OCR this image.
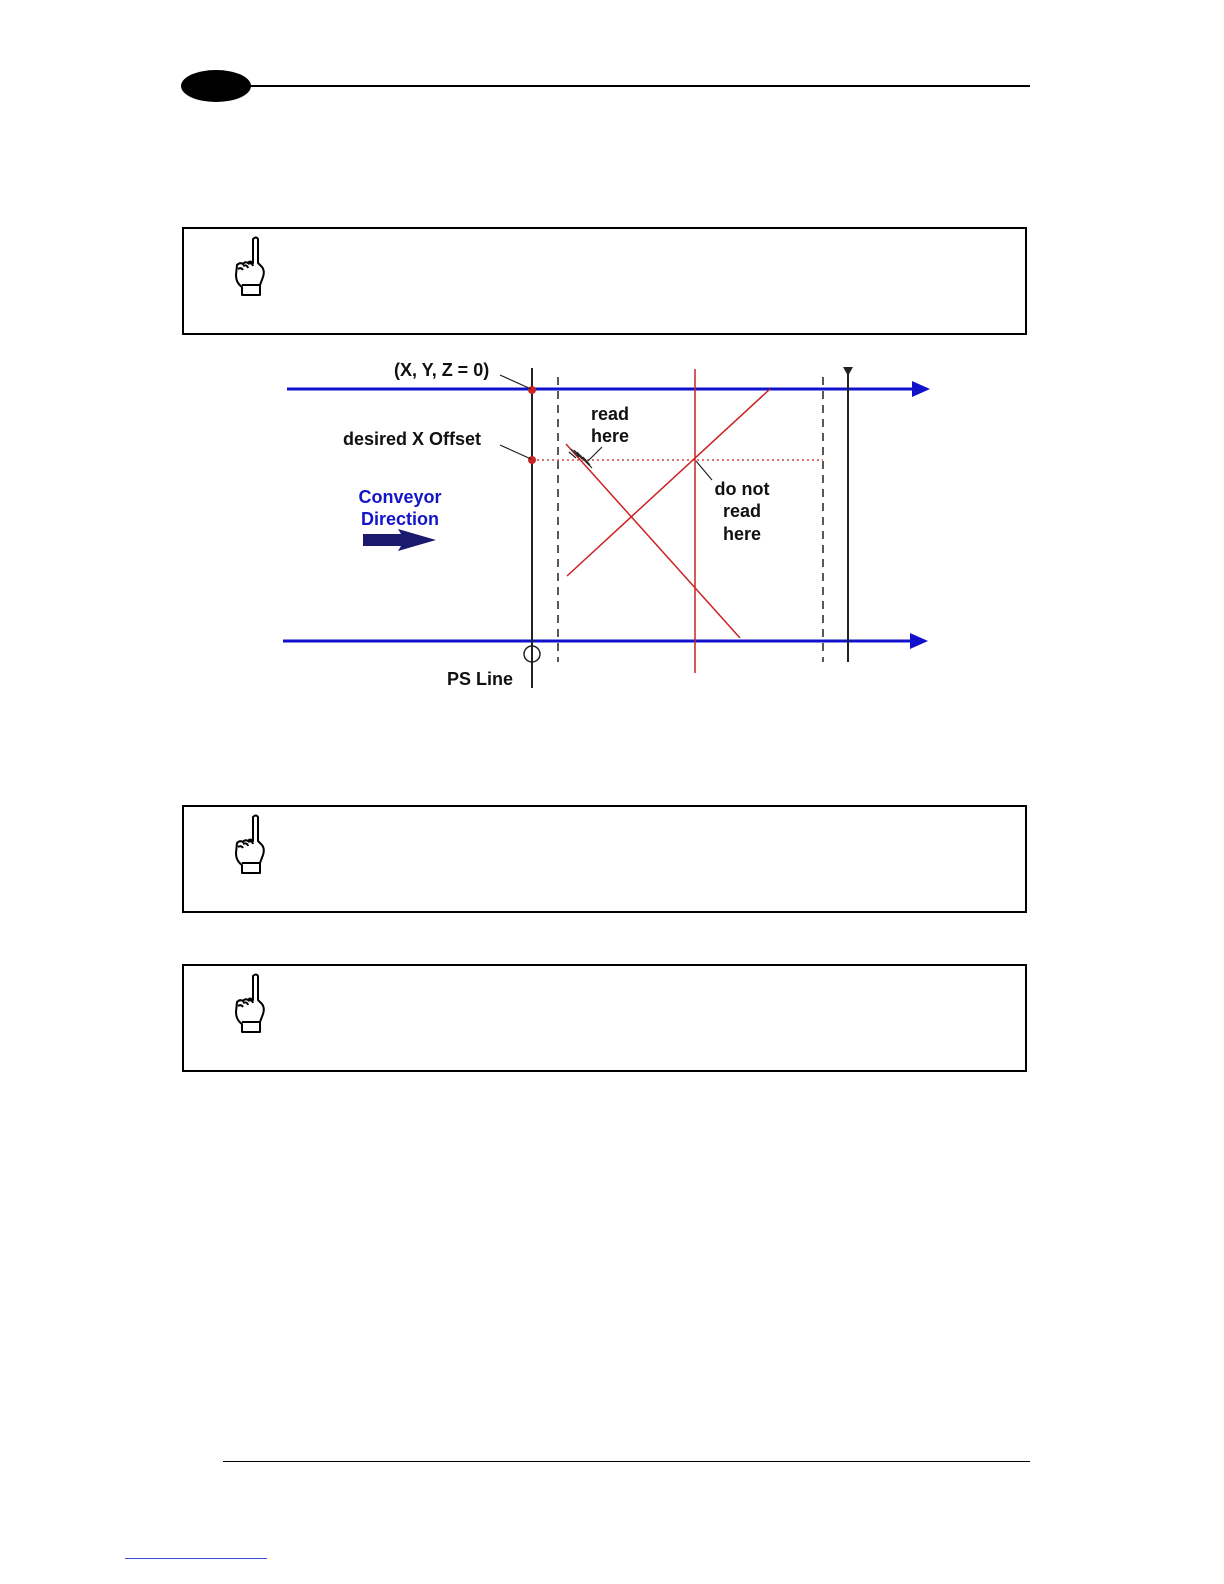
(X, Y, Z = 0)
desired X Offset
read
here
do not
read
here
Conveyor
Direction
PS Line
